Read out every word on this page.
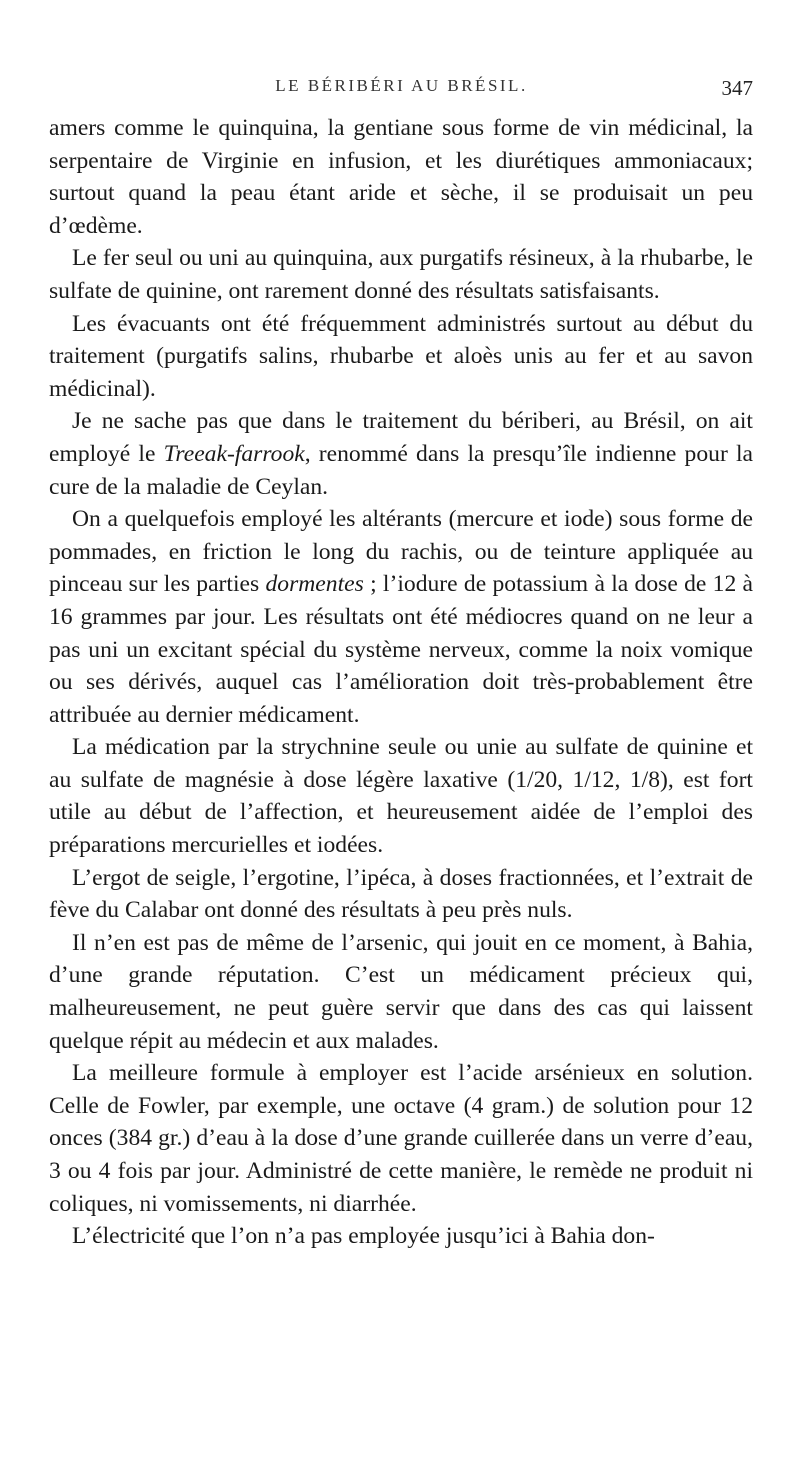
LE BÉRIBÉRI AU BRÉSIL.	347

amers comme le quinquina, la gentiane sous forme de vin médicinal, la serpentaire de Virginie en infusion, et les diurétiques ammoniacaux; surtout quand la peau étant aride et sèche, il se produisait un peu d’œdème.

Le fer seul ou uni au quinquina, aux purgatifs résineux, à la rhubarbe, le sulfate de quinine, ont rarement donné des résultats satisfaisants.

Les évacuants ont été fréquemment administrés surtout au début du traitement (purgatifs salins, rhubarbe et aloès unis au fer et au savon médicinal).

Je ne sache pas que dans le traitement du bériberi, au Brésil, on ait employé le Treeak-farrook, renommé dans la presqu’île indienne pour la cure de la maladie de Ceylan.

On a quelquefois employé les altérants (mercure et iode) sous forme de pommades, en friction le long du rachis, ou de teinture appliquée au pinceau sur les parties dormentes ; l’iodure de potassium à la dose de 12 à 16 grammes par jour. Les résultats ont été médiocres quand on ne leur a pas uni un excitant spécial du système nerveux, comme la noix vomique ou ses dérivés, auquel cas l’amélioration doit très-probablement être attribuée au dernier médicament.

La médication par la strychnine seule ou unie au sulfate de quinine et au sulfate de magnésie à dose légère laxative (1/20, 1/12, 1/8), est fort utile au début de l’affection, et heureusement aidée de l’emploi des préparations mercurielles et iodées.

L’ergot de seigle, l’ergotine, l’ipéca, à doses fractionnées, et l’extrait de fève du Calabar ont donné des résultats à peu près nuls.

Il n’en est pas de même de l’arsenic, qui jouit en ce moment, à Bahia, d’une grande réputation. C’est un médicament précieux qui, malheureusement, ne peut guère servir que dans des cas qui laissent quelque répit au médecin et aux malades.

La meilleure formule à employer est l’acide arsénieux en solution. Celle de Fowler, par exemple, une octave (4 gram.) de solution pour 12 onces (384 gr.) d’eau à la dose d’une grande cuillerée dans un verre d’eau, 3 ou 4 fois par jour. Administré de cette manière, le remède ne produit ni coliques, ni vomissements, ni diarrhée.

L’électricité que l’on n’a pas employée jusqu’ici à Bahia don-
